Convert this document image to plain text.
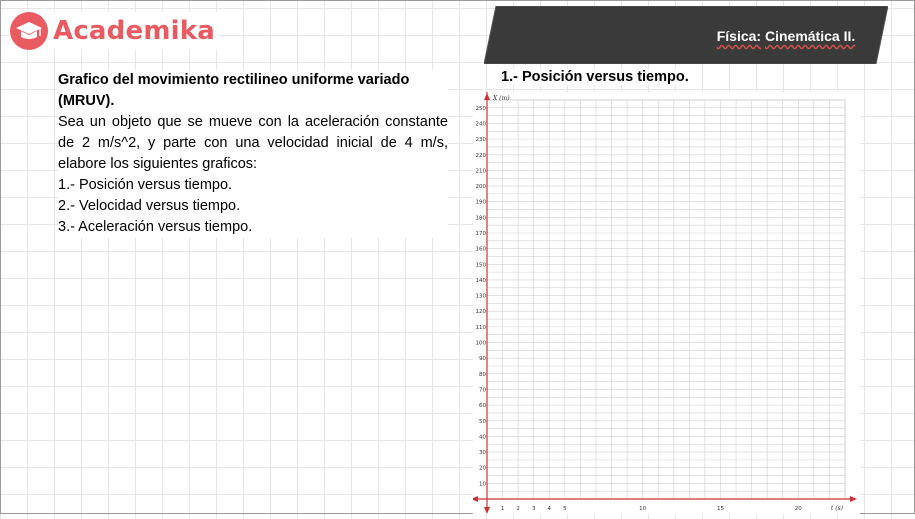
Academika	Física:
Cinemática II.
Grafico del movimiento rectilineo uniforme variado (MRUV).
Sea un objeto que se mueve con la aceleración constante de 2 m/s^2, y parte con una velocidad inicial de 4 m/s, elabore los siguientes graficos:
1.- Posición versus tiempo.
2.- Velocidad versus tiempo.
3.- Aceleración versus tiempo.
1.- Posición versus tiempo.
10
20
30
40
50
60
70
80
90
100
110
120
130
140
150
160
170
180
190
200
210
220
230
240
250
1 2 3 4 5	10	15	20
X (m)
t (s)
